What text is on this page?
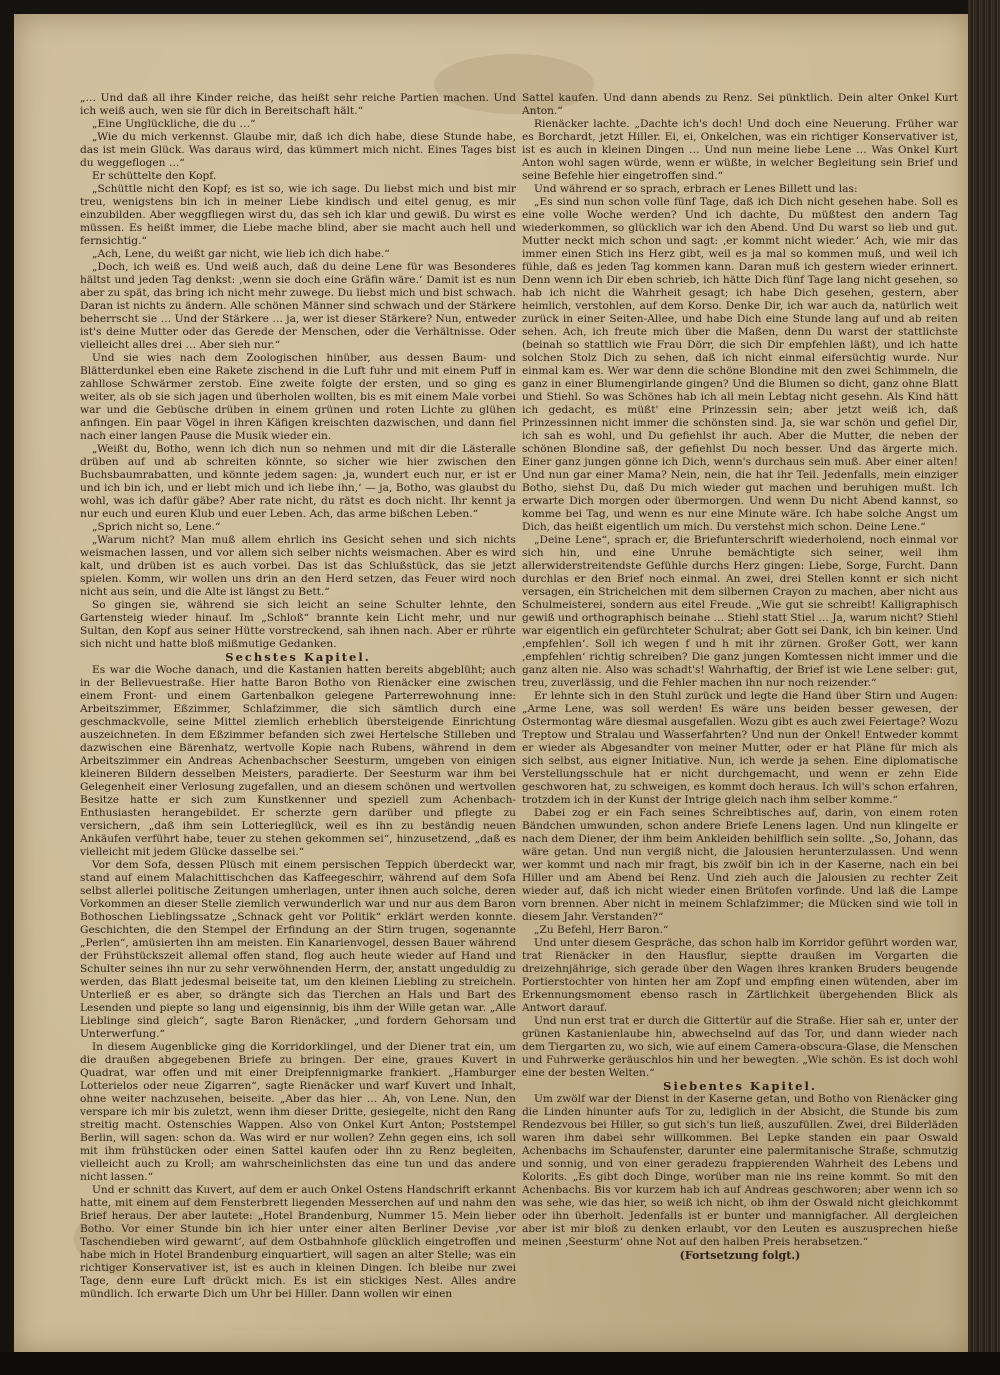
„… Und daß all ihre Kinder reiche, das heißt sehr reiche Partien machen. Und ich weiß auch, wen sie für dich in Bereitschaft hält.“

„Eine Unglückliche, die du …“

„Wie du mich verkennst. Glaube mir, daß ich dich habe, diese Stunde habe, das ist mein Glück. Was daraus wird, das kümmert mich nicht. Eines Tages bist du weggeflogen …“

Er schüttelte den Kopf.

„Schüttle nicht den Kopf; es ist so, wie ich sage. Du liebst mich und bist mir treu, wenigstens bin ich in meiner Liebe kindisch und eitel genug, es mir einzubilden. Aber weggfliegen wirst du, das seh ich klar und gewiß. Du wirst es müssen. Es heißt immer, die Liebe mache blind, aber sie macht auch hell und fernsichtig.“

„Ach, Lene, du weißt gar nicht, wie lieb ich dich habe.“

„Doch, ich weiß es. Und weiß auch, daß du deine Lene für was Besonderes hältst und jeden Tag denkst: ‚wenn sie doch eine Gräfin wäre.‘ Damit ist es nun aber zu spät, das bring ich nicht mehr zuwege. Du liebst mich und bist schwach. Daran ist nichts zu ändern. Alle schönen Männer sind schwach und der Stärkere beherrscht sie … Und der Stärkere … ja, wer ist dieser Stärkere? Nun, entweder ist's deine Mutter oder das Gerede der Menschen, oder die Verhältnisse. Oder vielleicht alles drei … Aber sieh nur.“

Und sie wies nach dem Zoologischen hinüber, aus dessen Baum- und Blätterdunkel eben eine Rakete zischend in die Luft fuhr und mit einem Puff in zahllose Schwärmer zerstob. Eine zweite folgte der ersten, und so ging es weiter, als ob sie sich jagen und überholen wollten, bis es mit einem Male vorbei war und die Gebüsche drüben in einem grünen und roten Lichte zu glühen anfingen. Ein paar Vögel in ihren Käfigen kreischten dazwischen, und dann fiel nach einer langen Pause die Musik wieder ein.

„Weißt du, Botho, wenn ich dich nun so nehmen und mit dir die Lästeralle drüben auf und ab schreiten könnte, so sicher wie hier zwischen den Buchsbaumrabatten, und könnte jedem sagen: ‚ja, wundert euch nur, er ist er und ich bin ich, und er liebt mich und ich liebe ihn,‘ — ja, Botho, was glaubst du wohl, was ich dafür gäbe? Aber rate nicht, du rätst es doch nicht. Ihr kennt ja nur euch und euren Klub und euer Leben. Ach, das arme bißchen Leben.“

„Sprich nicht so, Lene.“

„Warum nicht? Man muß allem ehrlich ins Gesicht sehen und sich nichts weismachen lassen, und vor allem sich selber nichts weismachen. Aber es wird kalt, und drüben ist es auch vorbei. Das ist das Schlußstück, das sie jetzt spielen. Komm, wir wollen uns drin an den Herd setzen, das Feuer wird noch nicht aus sein, und die Alte ist längst zu Bett.“

So gingen sie, während sie sich leicht an seine Schulter lehnte, den Gartensteig wieder hinauf. Im „Schloß“ brannte kein Licht mehr, und nur Sultan, den Kopf aus seiner Hütte vorstreckend, sah ihnen nach. Aber er rührte sich nicht und hatte bloß mißmutige Gedanken.

Sechstes Kapitel.

Es war die Woche danach, und die Kastanien hatten bereits abgeblüht; auch in der Bellevuestraße. Hier hatte Baron Botho von Rienäcker eine zwischen einem Front- und einem Gartenbalkon gelegene Parterrewohnung inne: Arbeitszimmer, Eßzimmer, Schlafzimmer, die sich sämtlich durch eine geschmackvolle, seine Mittel ziemlich erheblich übersteigende Einrichtung auszeichneten. In dem Eßzimmer befanden sich zwei Hertelsche Stilleben und dazwischen eine Bärenhatz, wertvolle Kopie nach Rubens, während in dem Arbeitszimmer ein Andreas Achenbachscher Seesturm, umgeben von einigen kleineren Bildern desselben Meisters, paradierte. Der Seesturm war ihm bei Gelegenheit einer Verlosung zugefallen, und an diesem schönen und wertvollen Besitze hatte er sich zum Kunstkenner und speziell zum Achenbach-Enthusiasten herangebildet. Er scherzte gern darüber und pflegte zu versichern, „daß ihm sein Lotterieglück, weil es ihn zu beständig neuen Ankäufen verführt habe, teuer zu stehen gekommen sei“, hinzusetzend, „daß es vielleicht mit jedem Glücke dasselbe sei.“

Vor dem Sofa, dessen Plüsch mit einem persischen Teppich überdeckt war, stand auf einem Malachittischchen das Kaffeegeschirr, während auf dem Sofa selbst allerlei politische Zeitungen umherlagen, unter ihnen auch solche, deren Vorkommen an dieser Stelle ziemlich verwunderlich war und nur aus dem Baron Bothoschen Lieblingssatze „Schnack geht vor Politik“ erklärt werden konnte. Geschichten, die den Stempel der Erfindung an der Stirn trugen, sogenannte „Perlen“, amüsierten ihn am meisten. Ein Kanarienvogel, dessen Bauer während der Frühstückszeit allemal offen stand, flog auch heute wieder auf Hand und Schulter seines ihn nur zu sehr verwöhnenden Herrn, der, anstatt ungeduldig zu werden, das Blatt jedesmal beiseite tat, um den kleinen Liebling zu streicheln. Unterließ er es aber, so drängte sich das Tierchen an Hals und Bart des Lesenden und piepte so lang und eigensinnig, bis ihm der Wille getan war. „Alle Lieblinge sind gleich“, sagte Baron Rienäcker, „und fordern Gehorsam und Unterwerfung.“

In diesem Augenblicke ging die Korridorklingel, und der Diener trat ein, um die draußen abgegebenen Briefe zu bringen. Der eine, graues Kuvert in Quadrat, war offen und mit einer Dreipfennigmarke frankiert. „Hamburger Lotterielos oder neue Zigarren“, sagte Rienäcker und warf Kuvert und Inhalt, ohne weiter nachzusehen, beiseite. „Aber das hier … Ah, von Lene. Nun, den verspare ich mir bis zuletzt, wenn ihm dieser Dritte, gesiegelte, nicht den Rang streitig macht. Ostenschies Wappen. Also von Onkel Kurt Anton; Poststempel Berlin, will sagen: schon da. Was wird er nur wollen? Zehn gegen eins, ich soll mit ihm frühstücken oder einen Sattel kaufen oder ihn zu Renz begleiten, vielleicht auch zu Kroll; am wahrscheinlichsten das eine tun und das andere nicht lassen.“

Und er schnitt das Kuvert, auf dem er auch Onkel Ostens Handschrift erkannt hatte, mit einem auf dem Fensterbrett liegenden Messerchen auf und nahm den Brief heraus. Der aber lautete: „Hotel Brandenburg, Nummer 15. Mein lieber Botho. Vor einer Stunde bin ich hier unter einer alten Berliner Devise ‚vor Taschendieben wird gewarnt‘, auf dem Ostbahnhofe glücklich eingetroffen und habe mich in Hotel Brandenburg einquartiert, will sagen an alter Stelle; was ein richtiger Konservativer ist, ist es auch in kleinen Dingen. Ich bleibe nur zwei Tage, denn eure Luft drückt mich. Es ist ein stickiges Nest. Alles andre mündlich. Ich erwarte Dich um Uhr bei Hiller. Dann wollen wir einen

Sattel kaufen. Und dann abends zu Renz. Sei pünktlich. Dein alter Onkel Kurt Anton.“

Rienäcker lachte. „Dachte ich's doch! Und doch eine Neuerung. Früher war es Borchardt, jetzt Hiller. Ei, ei, Onkelchen, was ein richtiger Konservativer ist, ist es auch in kleinen Dingen … Und nun meine liebe Lene … Was Onkel Kurt Anton wohl sagen würde, wenn er wüßte, in welcher Begleitung sein Brief und seine Befehle hier eingetroffen sind.“

Und während er so sprach, erbrach er Lenes Billett und las:

„Es sind nun schon volle fünf Tage, daß ich Dich nicht gesehen habe. Soll es eine volle Woche werden? Und ich dachte, Du müßtest den andern Tag wiederkommen, so glücklich war ich den Abend. Und Du warst so lieb und gut. Mutter neckt mich schon und sagt: ‚er kommt nicht wieder.‘ Ach, wie mir das immer einen Stich ins Herz gibt, weil es ja mal so kommen muß, und weil ich fühle, daß es jeden Tag kommen kann. Daran muß ich gestern wieder erinnert. Denn wenn ich Dir eben schrieb, ich hätte Dich fünf Tage lang nicht gesehen, so hab ich nicht die Wahrheit gesagt; ich habe Dich gesehen, gestern, aber heimlich, verstohlen, auf dem Korso. Denke Dir, ich war auch da, natürlich weit zurück in einer Seiten-Allee, und habe Dich eine Stunde lang auf und ab reiten sehen. Ach, ich freute mich über die Maßen, denn Du warst der stattlichste (beinah so stattlich wie Frau Dörr, die sich Dir empfehlen läßt), und ich hatte solchen Stolz Dich zu sehen, daß ich nicht einmal eifersüchtig wurde. Nur einmal kam es. Wer war denn die schöne Blondine mit den zwei Schimmeln, die ganz in einer Blumengirlande gingen? Und die Blumen so dicht, ganz ohne Blatt und Stiehl. So was Schönes hab ich all mein Lebtag nicht gesehn. Als Kind hätt ich gedacht, es müßt' eine Prinzessin sein; aber jetzt weiß ich, daß Prinzessinnen nicht immer die schönsten sind. Ja, sie war schön und gefiel Dir, ich sah es wohl, und Du gefiehlst ihr auch. Aber die Mutter, die neben der schönen Blondine saß, der gefiehlst Du noch besser. Und das ärgerte mich. Einer ganz jungen gönne ich Dich, wenn's durchaus sein muß. Aber einer alten! Und nun gar einer Mama? Nein, nein, die hat ihr Teil. Jedenfalls, mein einziger Botho, siehst Du, daß Du mich wieder gut machen und beruhigen mußt. Ich erwarte Dich morgen oder übermorgen. Und wenn Du nicht Abend kannst, so komme bei Tag, und wenn es nur eine Minute wäre. Ich habe solche Angst um Dich, das heißt eigentlich um mich. Du verstehst mich schon. Deine Lene.“

„Deine Lene“, sprach er, die Briefunterschrift wiederholend, noch einmal vor sich hin, und eine Unruhe bemächtigte sich seiner, weil ihm allerwiderstreitendste Gefühle durchs Herz gingen: Liebe, Sorge, Furcht. Dann durchlas er den Brief noch einmal. An zwei, drei Stellen konnt er sich nicht versagen, ein Strichelchen mit dem silbernen Crayon zu machen, aber nicht aus Schulmeisterei, sondern aus eitel Freude. „Wie gut sie schreibt! Kalligraphisch gewiß und orthographisch beinahe … Stiehl statt Stiel … Ja, warum nicht? Stiehl war eigentlich ein gefürchteter Schulrat; aber Gott sei Dank, ich bin keiner. Und ‚empfehlen‘. Soll ich wegen f und h mit ihr zürnen. Großer Gott, wer kann ‚empfehlen‘ richtig schreiben? Die ganz jungen Komtessen nicht immer und die ganz alten nie. Also was schadt's! Wahrhaftig, der Brief ist wie Lene selber: gut, treu, zuverlässig, und die Fehler machen ihn nur noch reizender.“

Er lehnte sich in den Stuhl zurück und legte die Hand über Stirn und Augen: „Arme Lene, was soll werden! Es wäre uns beiden besser gewesen, der Ostermontag wäre diesmal ausgefallen. Wozu gibt es auch zwei Feiertage? Wozu Treptow und Stralau und Wasserfahrten? Und nun der Onkel! Entweder kommt er wieder als Abgesandter von meiner Mutter, oder er hat Pläne für mich als sich selbst, aus eigner Initiative. Nun, ich werde ja sehen. Eine diplomatische Verstellungsschule hat er nicht durchgemacht, und wenn er zehn Eide geschworen hat, zu schweigen, es kommt doch heraus. Ich will's schon erfahren, trotzdem ich in der Kunst der Intrige gleich nach ihm selber komme.“

Dabei zog er ein Fach seines Schreibtisches auf, darin, von einem roten Bändchen umwunden, schon andere Briefe Lenens lagen. Und nun klingelte er nach dem Diener, der ihm beim Ankleiden behilflich sein sollte. „So, Johann, das wäre getan. Und nun vergiß nicht, die Jalousien herunterzulassen. Und wenn wer kommt und nach mir fragt, bis zwölf bin ich in der Kaserne, nach ein bei Hiller und am Abend bei Renz. Und zieh auch die Jalousien zu rechter Zeit wieder auf, daß ich nicht wieder einen Brütofen vorfinde. Und laß die Lampe vorn brennen. Aber nicht in meinem Schlafzimmer; die Mücken sind wie toll in diesem Jahr. Verstanden?“

„Zu Befehl, Herr Baron.“

Und unter diesem Gespräche, das schon halb im Korridor geführt worden war, trat Rienäcker in den Hausflur, sieptte draußen im Vorgarten die dreizehnjährige, sich gerade über den Wagen ihres kranken Bruders beugende Portierstochter von hinten her am Zopf und empfing einen wütenden, aber im Erkennungsmoment ebenso rasch in Zärtlichkeit übergehenden Blick als Antwort darauf.

Und nun erst trat er durch die Gittertür auf die Straße. Hier sah er, unter der grünen Kastanienlaube hin, abwechselnd auf das Tor, und dann wieder nach dem Tiergarten zu, wo sich, wie auf einem Camera-obscura-Glase, die Menschen und Fuhrwerke geräuschlos hin und her bewegten. „Wie schön. Es ist doch wohl eine der besten Welten.“

Siebentes Kapitel.

Um zwölf war der Dienst in der Kaserne getan, und Botho von Rienäcker ging die Linden hinunter aufs Tor zu, lediglich in der Absicht, die Stunde bis zum Rendezvous bei Hiller, so gut sich's tun ließ, auszufüllen. Zwei, drei Bilderläden waren ihm dabei sehr willkommen. Bei Lepke standen ein paar Oswald Achenbachs im Schaufenster, darunter eine palermitanische Straße, schmutzig und sonnig, und von einer geradezu frappierenden Wahrheit des Lebens und Kolorits. „Es gibt doch Dinge, worüber man nie ins reine kommt. So mit den Achenbachs. Bis vor kurzem hab ich auf Andreas geschworen; aber wenn ich so was sehe, wie das hier, so weiß ich nicht, ob ihm der Oswald nicht gleichkommt oder ihn überholt. Jedenfalls ist er bunter und mannigfacher. All dergleichen aber ist mir bloß zu denken erlaubt, vor den Leuten es auszusprechen hieße meinen ‚Seesturm‘ ohne Not auf den halben Preis herabsetzen.“

(Fortsetzung folgt.)
